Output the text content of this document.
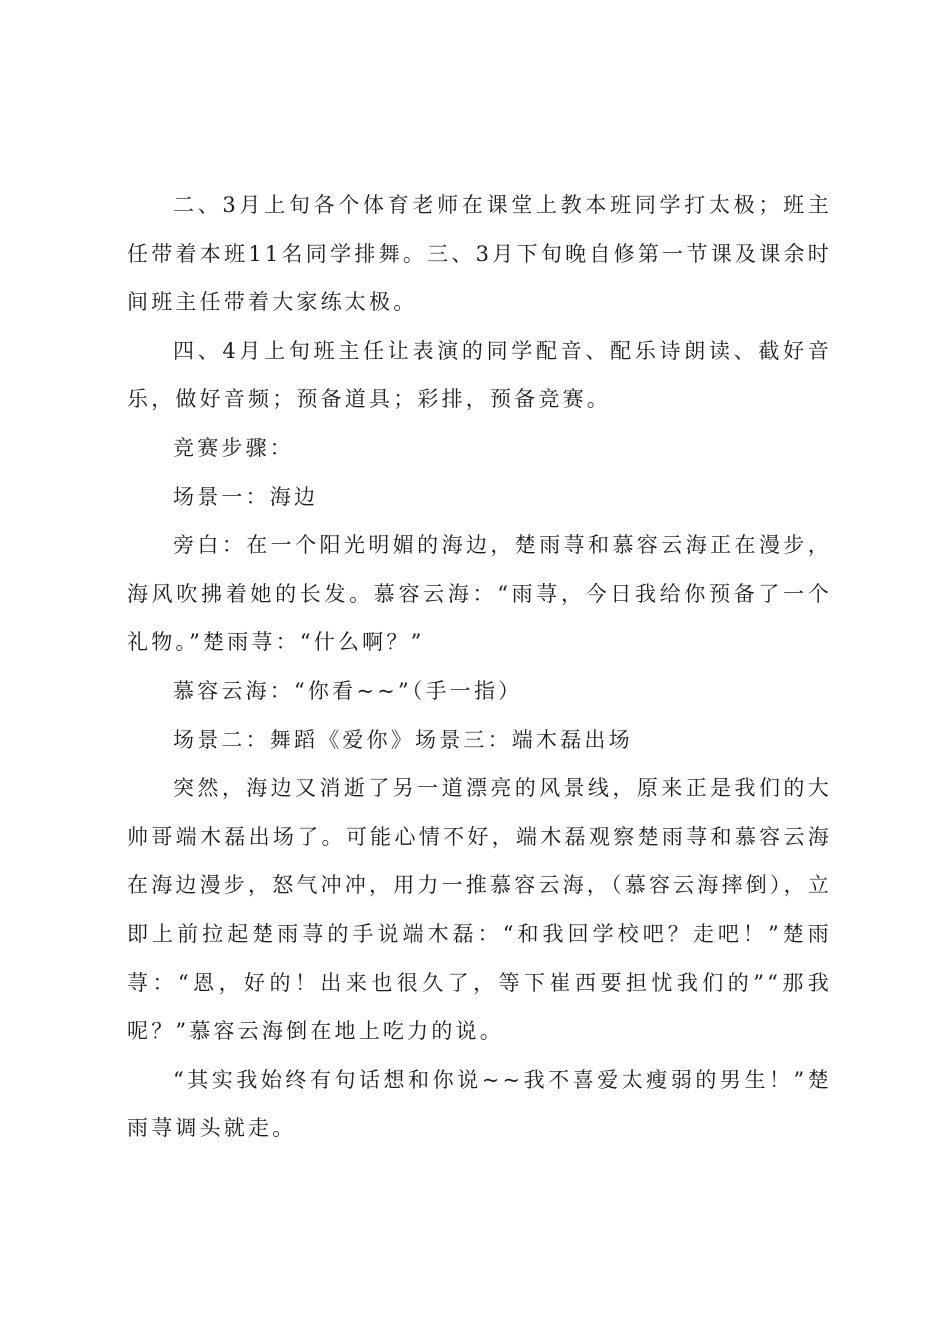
二、3月上旬各个体育老师在课堂上教本班同学打太极；班主任带着本班11名同学排舞。三、3月下旬晚自修第一节课及课余时间班主任带着大家练太极。

四、4月上旬班主任让表演的同学配音、配乐诗朗读、截好音乐，做好音频；预备道具；彩排，预备竞赛。

竞赛步骤：

场景一：海边

旁白：在一个阳光明媚的海边，楚雨荨和慕容云海正在漫步，海风吹拂着她的长发。慕容云海：“雨荨，今日我给你预备了一个礼物。”楚雨荨：“什么啊？”

慕容云海：“你看~~”（手一指）

场景二：舞蹈《爱你》场景三：端木磊出场

突然，海边又消逝了另一道漂亮的风景线，原来正是我们的大帅哥端木磊出场了。可能心情不好，端木磊观察楚雨荨和慕容云海在海边漫步，怒气冲冲，用力一推慕容云海，（慕容云海摔倒），立即上前拉起楚雨荨的手说端木磊：“和我回学校吧？走吧！”楚雨荨：“恩，好的！出来也很久了，等下崔西要担忧我们的”“那我呢？”慕容云海倒在地上吃力的说。

“其实我始终有句话想和你说~~我不喜爱太瘦弱的男生！”楚雨荨调头就走。
